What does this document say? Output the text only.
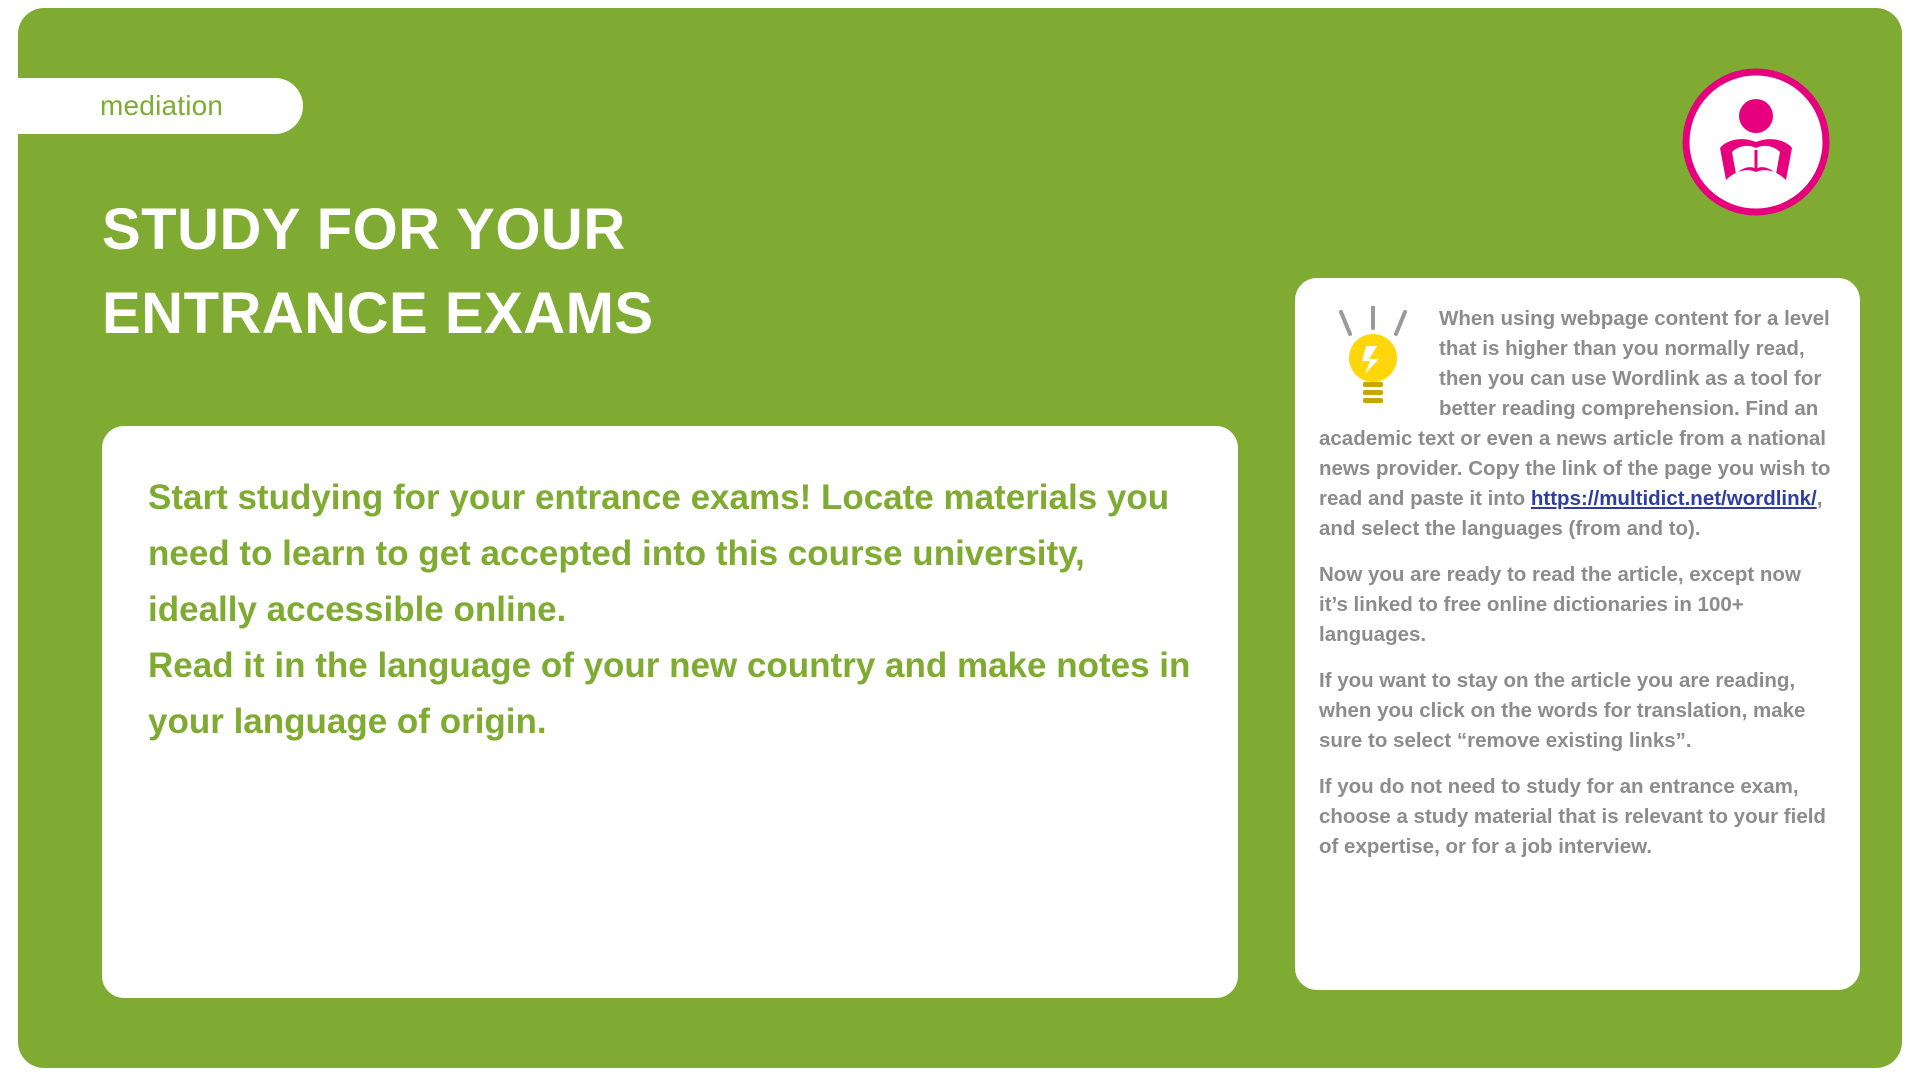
mediation
STUDY FOR YOUR
ENTRANCE EXAMS

Start studying for your entrance exams! Locate materials you need to learn to get accepted into this course university, ideally accessible online.

Read it in the language of your new country and make notes in your language of origin.

When using webpage content for a level that is higher than you normally read, then you can use Wordlink as a tool for better reading comprehension. Find an academic text or even a news article from a national news provider. Copy the link of the page you wish to read and paste it into https://multidict.net/wordlink/, and select the languages (from and to).

Now you are ready to read the article, except now it’s linked to free online dictionaries in 100+ languages.

If you want to stay on the article you are reading, when you click on the words for translation, make sure to select “remove existing links”.

If you do not need to study for an entrance exam, choose a study material that is relevant to your field of expertise, or for a job interview.
